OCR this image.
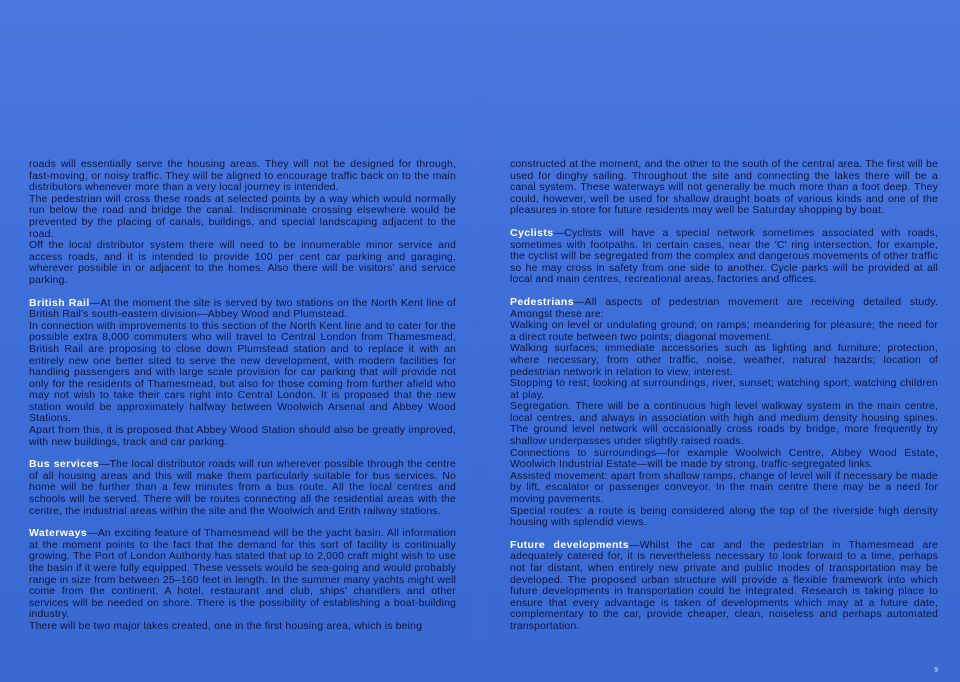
roads will essentially serve the housing areas. They will not be designed for through, fast-moving, or noisy traffic. They will be aligned to encourage traffic back on to the main distributors whenever more than a very local journey is intended.

The pedestrian will cross these roads at selected points by a way which would normally run below the road and bridge the canal. Indiscriminate crossing elsewhere would be prevented by the placing of canals, buildings, and special landscaping adjacent to the road.

Off the local distributor system there will need to be innumerable minor service and access roads, and it is intended to provide 100 per cent car parking and garaging, wherever possible in or adjacent to the homes. Also there will be visitors' and service parking.

British Rail—At the moment the site is served by two stations on the North Kent line of British Rail's south-eastern division—Abbey Wood and Plumstead.

In connection with improvements to this section of the North Kent line and to cater for the possible extra 8,000 commuters who will travel to Central London from Thamesmead, British Rail are proposing to close down Plumstead station and to replace it with an entirely new one better sited to serve the new development, with modern facilities for handling passengers and with large scale provision for car parking that will provide not only for the residents of Thamesmead, but also for those coming from further afield who may not wish to take their cars right into Central London. It is proposed that the new station would be approximately halfway between Woolwich Arsenal and Abbey Wood Stations.

Apart from this, it is proposed that Abbey Wood Station should also be greatly improved, with new buildings, track and car parking.

Bus services—The local distributor roads will run wherever possible through the centre of all housing areas and this will make them particularly suitable for bus services. No home will be further than a few minutes from a bus route. All the local centres and schools will be served. There will be routes connecting all the residential areas with the centre, the industrial areas within the site and the Woolwich and Erith railway stations.

Waterways—An exciting feature of Thamesmead will be the yacht basin. All information at the moment points to the fact that the demand for this sort of facility is continually growing. The Port of London Authority has stated that up to 2,000 craft might wish to use the basin if it were fully equipped. These vessels would be sea-going and would probably range in size from between 25–160 feet in length. In the summer many yachts might well come from the continent. A hotel, restaurant and club, ships' chandlers and other services will be needed on shore. There is the possibility of establishing a boat-building industry.

There will be two major lakes created, one in the first housing area, which is being

constructed at the moment, and the other to the south of the central area. The first will be used for dinghy sailing. Throughout the site and connecting the lakes there will be a canal system. These waterways will not generally be much more than a foot deep. They could, however, well be used for shallow draught boats of various kinds and one of the pleasures in store for future residents may well be Saturday shopping by boat.

Cyclists—Cyclists will have a special network sometimes associated with roads, sometimes with footpaths. In certain cases, near the 'C' ring intersection, for example, the cyclist will be segregated from the complex and dangerous movements of other traffic so he may cross in safety from one side to another. Cycle parks will be provided at all local and main centres, recreational areas, factories and offices.

Pedestrians—All aspects of pedestrian movement are receiving detailed study. Amongst these are:

Walking on level or undulating ground; on ramps; meandering for pleasure; the need for a direct route between two points; diagonal movement.

Walking surfaces; immediate accessories such as lighting and furniture; protection, where necessary, from other traffic, noise, weather, natural hazards; location of pedestrian network in relation to view, interest.

Stopping to rest; looking at surroundings, river, sunset; watching sport; watching children at play.

Segregation. There will be a continuous high level walkway system in the main centre, local centres, and always in association with high and medium density housing spines. The ground level network will occasionally cross roads by bridge, more frequently by shallow underpasses under slightly raised roads.

Connections to surroundings—for example Woolwich Centre, Abbey Wood Estate, Woolwich Industrial Estate—will be made by strong, traffic-segregated links.

Assisted movement: apart from shallow ramps, change of level will if necessary be made by lift, escalator or passenger conveyor. In the main centre there may be a need for moving pavements.

Special routes: a route is being considered along the top of the riverside high density housing with splendid views.

Future developments—Whilst the car and the pedestrian in Thamesmead are adequately catered for, it is nevertheless necessary to look forward to a time, perhaps not far distant, when entirely new private and public modes of transportation may be developed. The proposed urban structure will provide a flexible framework into which future developments in transportation could be integrated. Research is taking place to ensure that every advantage is taken of developments which may at a future date, complementary to the car, provide cheaper, clean, noiseless and perhaps automated transportation.

9
